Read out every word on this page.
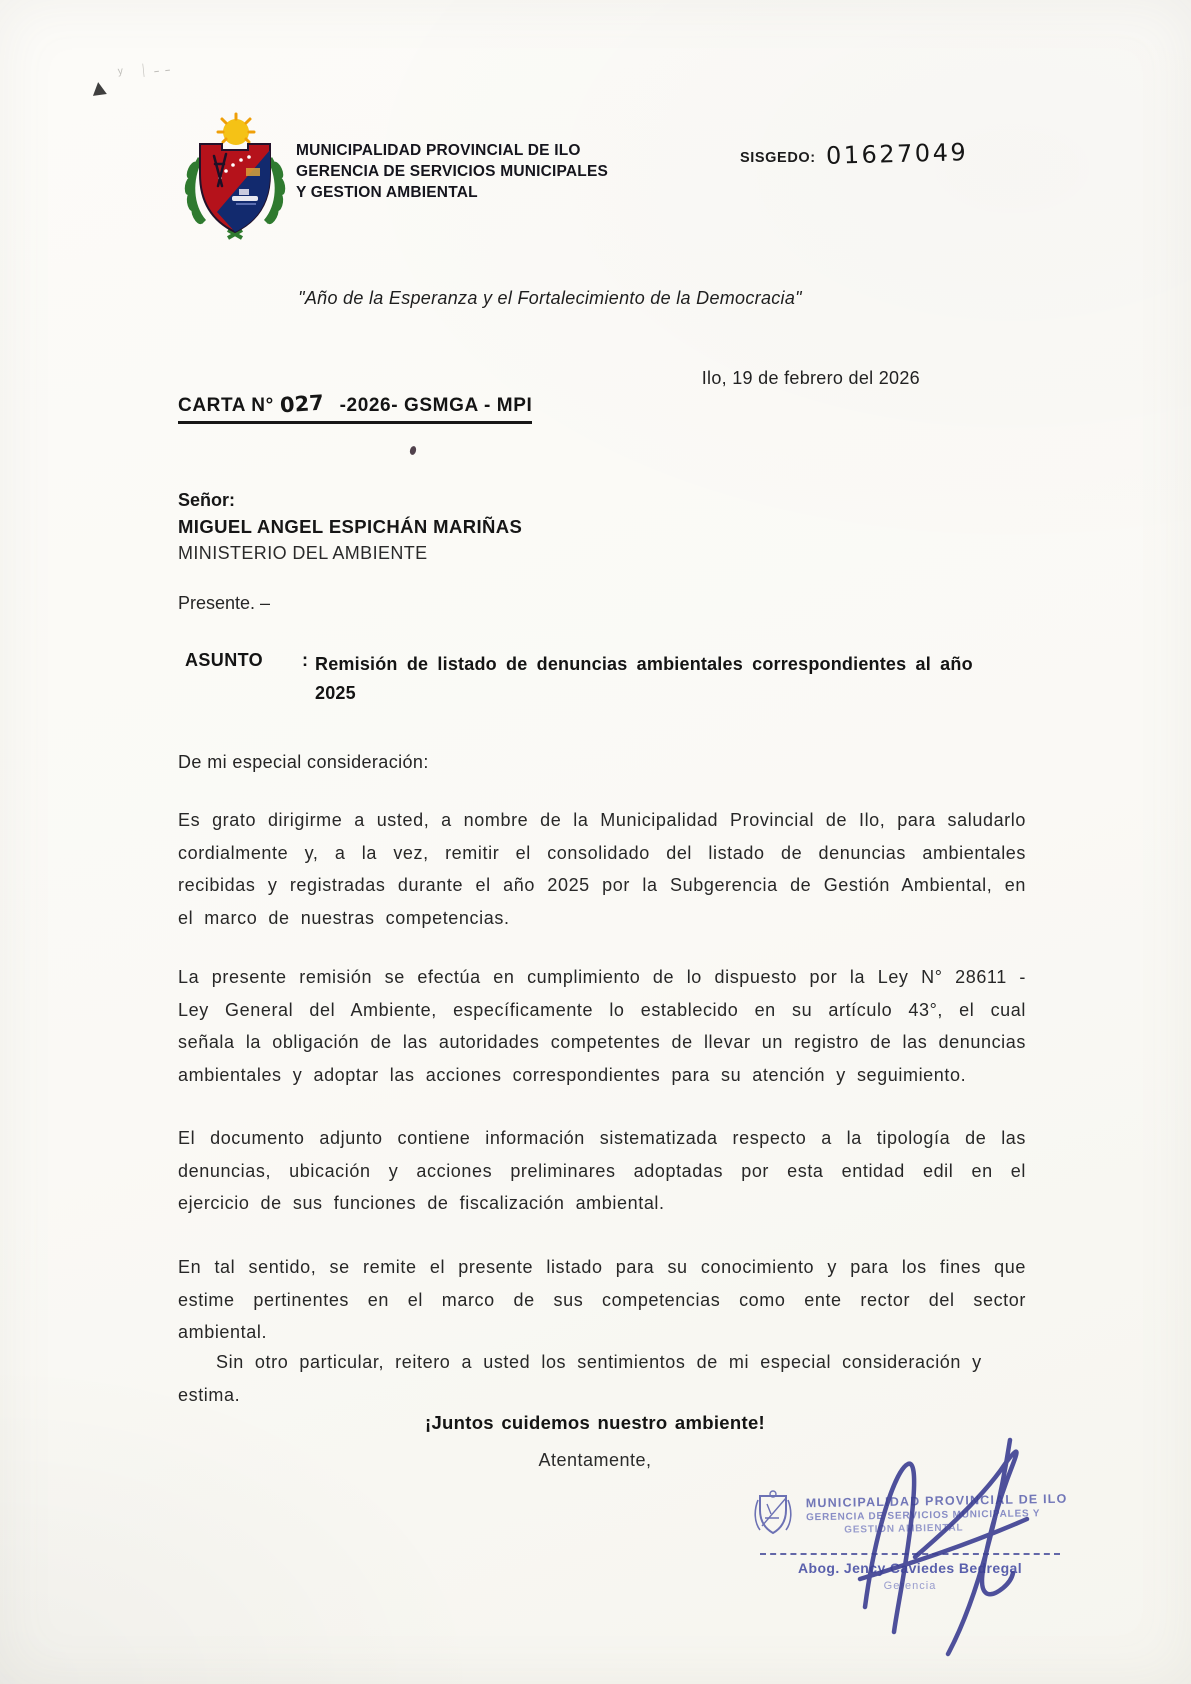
ʸ ᛁ˗˗
MUNICIPALIDAD PROVINCIAL DE ILO
GERENCIA DE SERVICIOS MUNICIPALES
Y GESTION AMBIENTAL
SISGEDO: 01627049
"Año de la Esperanza y el Fortalecimiento de la Democracia"
Ilo, 19 de febrero del 2026
CARTA N° 027 -2026- GSMGA - MPI
Señor:
MIGUEL ANGEL ESPICHÁN MARIÑAS
MINISTERIO DEL AMBIENTE
Presente. –
ASUNTO	: Remisión de listado de denuncias ambientales correspondientes al año
2025
De mi especial consideración:
Es grato dirigirme a usted, a nombre de la Municipalidad Provincial de Ilo, para saludarlo cordialmente y, a la vez, remitir el consolidado del listado de denuncias ambientales recibidas y registradas durante el año 2025 por la Subgerencia de Gestión Ambiental, en el marco de nuestras competencias.
La presente remisión se efectúa en cumplimiento de lo dispuesto por la Ley N° 28611 - Ley General del Ambiente, específicamente lo establecido en su artículo 43°, el cual señala la obligación de las autoridades competentes de llevar un registro de las denuncias ambientales y adoptar las acciones correspondientes para su atención y seguimiento.
El documento adjunto contiene información sistematizada respecto a la tipología de las denuncias, ubicación y acciones preliminares adoptadas por esta entidad edil en el ejercicio de sus funciones de fiscalización ambiental.
En tal sentido, se remite el presente listado para su conocimiento y para los fines que estime pertinentes en el marco de sus competencias como ente rector del sector ambiental.
Sin otro particular, reitero a usted los sentimientos de mi especial consideración y estima.
¡Juntos cuidemos nuestro ambiente!
Atentamente,
MUNICIPALIDAD PROVINCIAL DE ILO
GERENCIA DE SERVICIOS MUNICIPALES Y
GESTION AMBIENTAL
Abog. Jency Caviedes Bedregal
Gerencia
